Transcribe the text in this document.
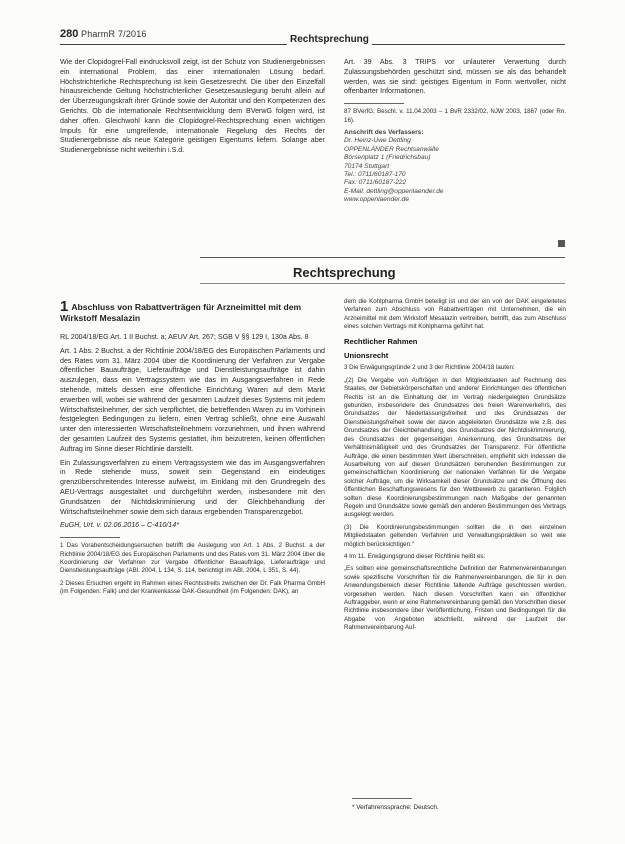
280 PharmR 7/2016	Rechtsprechung

Wie der Clopidogrel-Fall eindrucksvoll zeigt, ist der Schutz von Studienergebnissen ein international Problem, das einer internationalen Lösung bedarf. Höchstrichterliche Rechtsprechung ist kein Gesetzesrecht. Die über den Einzelfall hinausreichende Geltung höchstrichterlicher Gesetzesauslegung beruht allein auf der Überzeugungskraft ihrer Gründe sowie der Autorität und den Kompetenzen des Gerichts. Ob die internationale Rechtsentwicklung dem BVerwG folgen wird, ist daher offen. Gleichwohl kann die Clopidogrel-Rechtsprechung einen wichtigen Impuls für eine umgreifende, internationale Regelung des Rechts der Studienergebnisse als neue Kategorie geistigen Eigentums liefern. Solange aber Studienergebnisse nicht weiterhin i.S.d.

Art. 39 Abs. 3 TRIPS vor unlauterer Verwertung durch Zulassungsbehörden geschützt sind, müssen sie als das behandelt werden, was sie sind: geistiges Eigentum in Form wertvoller, nicht offenbarter Informationen.

87 BVerfG, Beschl. v. 11.04.2003 – 1 BvR 2332/02, NJW 2003, 1867 (oder Rn. 16).

Anschrift des Verfassers:
Dr. Heinz-Uwe Dettling
OPPENLÄNDER Rechtsanwälte
Börsenplatz 1 (Friedrichsbau)
70174 Stuttgart
Tel.: 0711/60187-170
Fax: 0711/60187-222
E-Mail: dettling@oppenlaender.de
www.oppenlaender.de
Rechtsprechung
1 Abschluss von Rabattverträgen für Arzneimittel mit dem Wirkstoff Mesalazin

RL 2004/18/EG Art. 1 II Buchst. a; AEUV Art. 267; SGB V §§ 129 I, 130a Abs. 8

Art. 1 Abs. 2 Buchst. a der Richtlinie 2004/18/EG des Europäischen Parlaments und des Rates vom 31. März 2004 über die Koordinierung der Verfahren zur Vergabe öffentlicher Bauaufträge, Lieferaufträge und Dienstleistungsaufträge ist dahin auszulegen, dass ein Vertragssystem wie das im Ausgangsverfahren in Rede stehende, mittels dessen eine öffentliche Einrichtung Waren auf dem Markt erwerben will, wobei sie während der gesamten Laufzeit dieses Systems mit jedem Wirtschaftsteilnehmer, der sich verpflichtet, die betreffenden Waren zu im Vorhinein festgelegten Bedingungen zu liefern, einen Vertrag schließt, ohne eine Auswahl unter den interessierten Wirtschaftsteilnehmern vorzunehmen, und ihnen während der gesamten Laufzeit des Systems gestattet, ihm beizutreten, keinen öffentlichen Auftrag im Sinne dieser Richtlinie darstellt.

Ein Zulassungsverfahren zu einem Vertragssystem wie das im Ausgangsverfahren in Rede stehende muss, soweit sein Gegenstand ein eindeutiges grenzüberschreitendes Interesse aufweist, im Einklang mit den Grundregeln des AEU-Vertrags ausgestaltet und durchgeführt werden, insbesondere mit den Grundsätzen der Nichtdiskriminierung und der Gleichbehandlung der Wirtschaftsteilnehmer sowie dem sich daraus ergebenden Transparenzgebot.

EuGH, Urt. v. 02.06.2016 – C-410/14*

1 Das Vorabentscheidungsersuchen betrifft die Auslegung von Art. 1 Abs. 2 Buchst. a der Richtlinie 2004/18/EG des Europäischen Parlaments und des Rates vom 31. März 2004 über die Koordinierung der Verfahren zur Vergabe öffentlicher Bauaufträge, Lieferaufträge und Dienstleistungsaufträge (ABl. 2004, L 134, S. 114, berichtigt im ABl. 2004, L 351, S. 44).

2 Dieses Ersuchen ergeht im Rahmen eines Rechtsstreits zwischen der Dr. Falk Pharma GmbH (im Folgenden: Falk) und der Krankenkasse DAK-Gesundheit (im Folgenden: DAK), an

dem die Kohlpharma GmbH beteiligt ist und der ein von der DAK eingeleitetes Verfahren zum Abschluss von Rabattverträgen mit Unternehmen, die ein Arzneimittel mit dem Wirkstoff Mesalazin vertreiben, betrifft, das zum Abschluss eines solchen Vertrags mit Kohlpharma geführt hat.

Rechtlicher Rahmen
Unionsrecht

3 Die Erwägungsgründe 2 und 3 der Richtlinie 2004/18 lauten:

„(2) Die Vergabe von Aufträgen in den Mitgliedstaaten auf Rechnung des Staates, der Gebietskörperschaften und anderer Einrichtungen des öffentlichen Rechts ist an die Einhaltung der im Vertrag niedergelegten Grundsätze gebunden, insbesondere des Grundsatzes des freien Warenverkehrs, des Grundsatzes der Niederlassungsfreiheit und des Grundsatzes der Dienstleistungsfreiheit sowie der davon abgeleiteten Grundsätze wie z.B. des Grundsatzes der Gleichbehandlung, des Grundsatzes der Nichtdiskriminierung, des Grundsatzes der gegenseitigen Anerkennung, des Grundsatzes der Verhältnismäßigkeit und des Grundsatzes der Transparenz. Für öffentliche Aufträge, die einen bestimmten Wert überschreiten, empfiehlt sich indessen die Ausarbeitung von auf diesen Grundsätzen beruhenden Bestimmungen zur gemeinschaftlichen Koordinierung der nationalen Verfahren für die Vergabe solcher Aufträge, um die Wirksamkeit dieser Grundsätze und die Öffnung des öffentlichen Beschaffungswesens für den Wettbewerb zu garantieren. Folglich sollten diese Koordinierungsbestimmungen nach Maßgabe der genannten Regeln und Grundsätze sowie gemäß den anderen Bestimmungen des Vertrags ausgelegt werden.

(3) Die Koordinierungsbestimmungen sollten die in den einzelnen Mitgliedstaaten geltenden Verfahren und Verwaltungspraktiken so weit wie möglich berücksichtigen.“

4 Im 11. Erwägungsgrund dieser Richtlinie heißt es:

„Es sollten eine gemeinschaftsrechtliche Definition der Rahmenvereinbarungen sowie spezifische Vorschriften für die Rahmenvereinbarungen, die für in den Anwendungsbereich dieser Richtlinie fallende Aufträge geschlossen werden, vorgesehen werden. Nach diesen Vorschriften kann ein öffentlicher Auftraggeber, wenn er eine Rahmenvereinbarung gemäß den Vorschriften dieser Richtlinie insbesondere über Veröffentlichung, Fristen und Bedingungen für die Abgabe von Angeboten abschließt, während der Laufzeit der Rahmenvereinbarung Auf-

* Verfahrenssprache: Deutsch.
